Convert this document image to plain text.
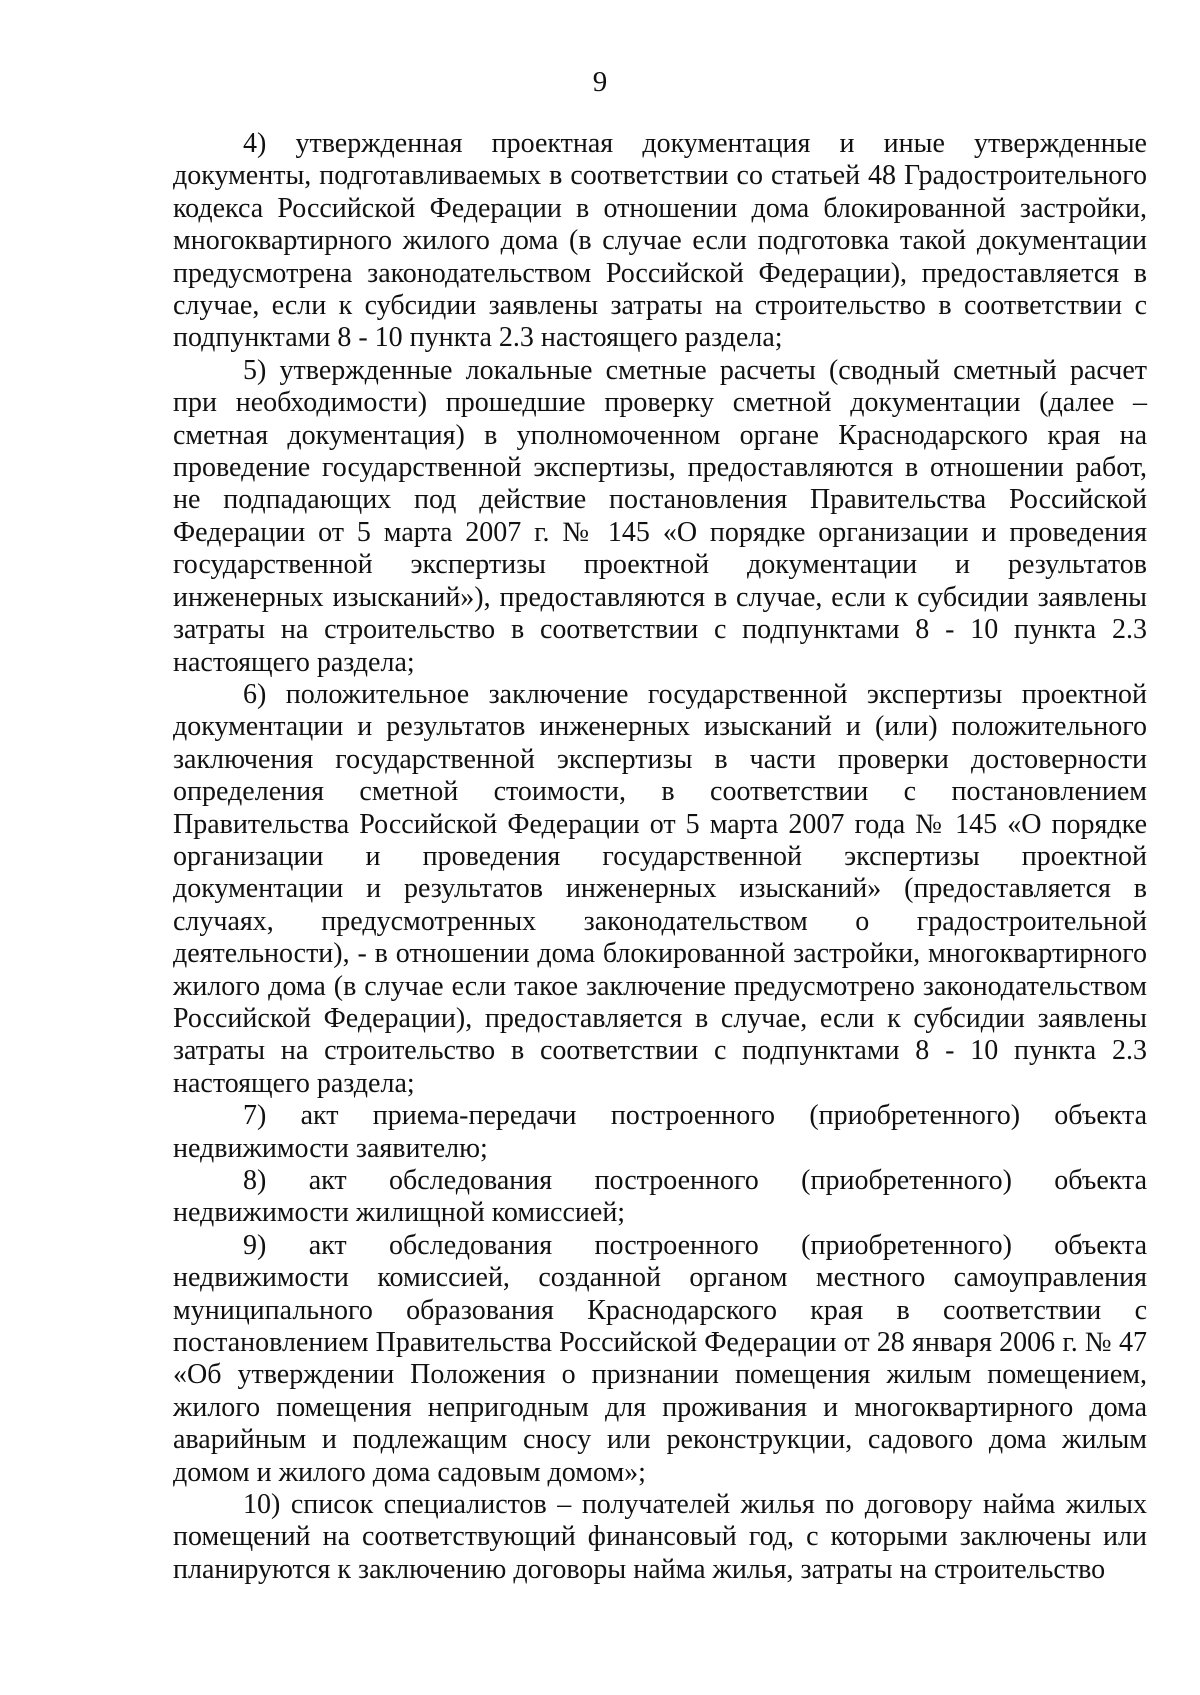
9

4) утвержденная проектная документация и иные утвержденные документы, подготавливаемых в соответствии со статьей 48 Градостроительного кодекса Российской Федерации в отношении дома блокированной застройки, многоквартирного жилого дома (в случае если подготовка такой документации предусмотрена законодательством Российской Федерации), предоставляется в случае, если к субсидии заявлены затраты на строительство в соответствии с подпунктами 8 - 10 пункта 2.3 настоящего раздела;

5) утвержденные локальные сметные расчеты (сводный сметный расчет при необходимости) прошедшие проверку сметной документации (далее – сметная документация) в уполномоченном органе Краснодарского края на проведение государственной экспертизы, предоставляются в отношении работ, не подпадающих под действие постановления Правительства Российской Федерации от 5 марта 2007 г. № 145 «О порядке организации и проведения государственной экспертизы проектной документации и результатов инженерных изысканий»), предоставляются в случае, если к субсидии заявлены затраты на строительство в соответствии с подпунктами 8 - 10 пункта 2.3 настоящего раздела;

6) положительное заключение государственной экспертизы проектной документации и результатов инженерных изысканий и (или) положительного заключения государственной экспертизы в части проверки достоверности определения сметной стоимости, в соответствии с постановлением Правительства Российской Федерации от 5 марта 2007 года № 145 «О порядке организации и проведения государственной экспертизы проектной документации и результатов инженерных изысканий» (предоставляется в случаях, предусмотренных законодательством о градостроительной деятельности), - в отношении дома блокированной застройки, многоквартирного жилого дома (в случае если такое заключение предусмотрено законодательством Российской Федерации), предоставляется в случае, если к субсидии заявлены затраты на строительство в соответствии с подпунктами 8 - 10 пункта 2.3 настоящего раздела;

7) акт приема-передачи построенного (приобретенного) объекта недвижимости заявителю;

8) акт обследования построенного (приобретенного) объекта недвижимости жилищной комиссией;

9) акт обследования построенного (приобретенного) объекта недвижимости комиссией, созданной органом местного самоуправления муниципального образования Краснодарского края в соответствии с постановлением Правительства Российской Федерации от 28 января 2006 г. № 47 «Об утверждении Положения о признании помещения жилым помещением, жилого помещения непригодным для проживания и многоквартирного дома аварийным и подлежащим сносу или реконструкции, садового дома жилым домом и жилого дома садовым домом»;

10) список специалистов – получателей жилья по договору найма жилых помещений на соответствующий финансовый год, с которыми заключены или планируются к заключению договоры найма жилья, затраты на строительство
